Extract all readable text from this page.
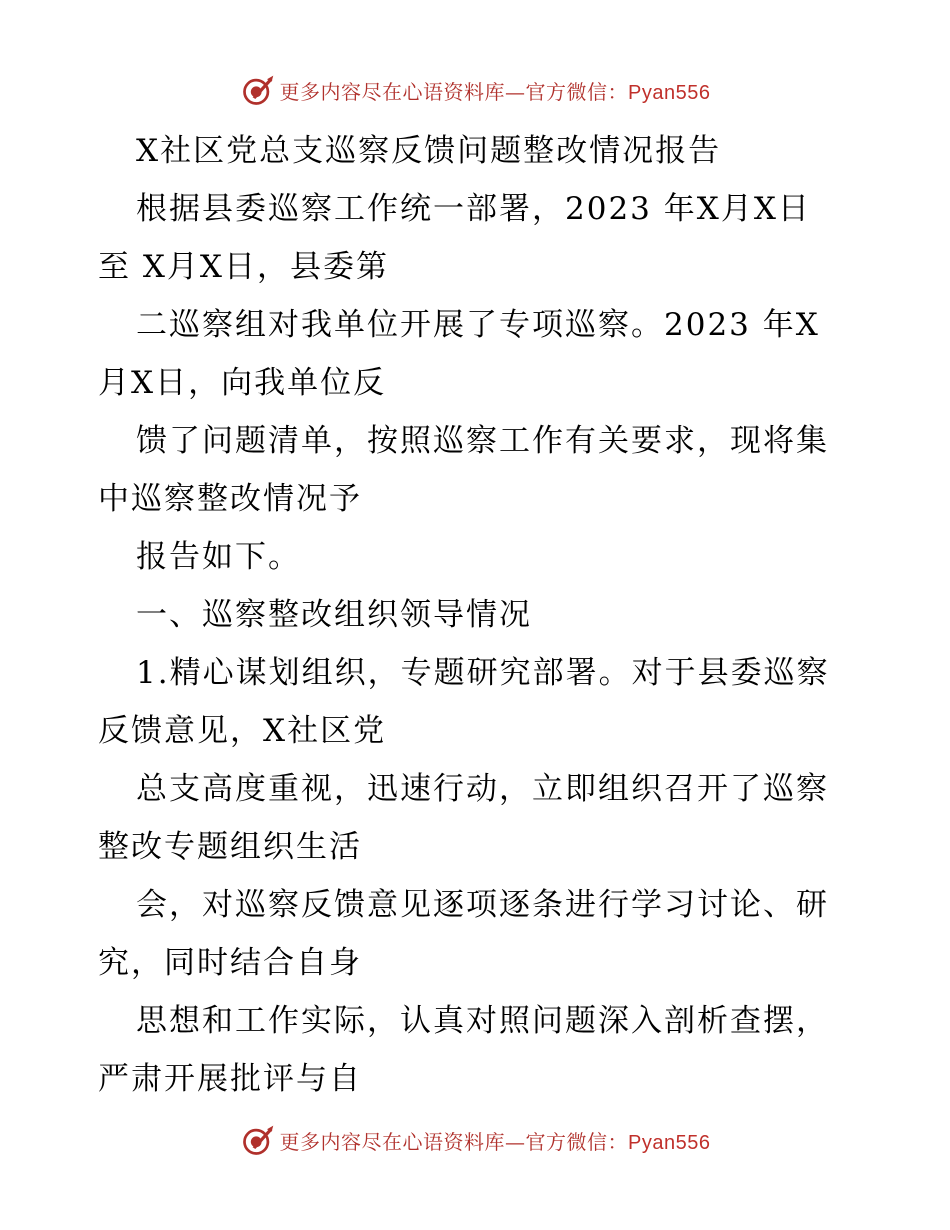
更多内容尽在心语资料库—官方微信：Pyan556
X社区党总支巡察反馈问题整改情况报告
根据县委巡察工作统一部署，2023 年X月X日
至 X月X日，县委第
二巡察组对我单位开展了专项巡察。2023 年X
月X日，向我单位反
馈了问题清单，按照巡察工作有关要求，现将集
中巡察整改情况予
报告如下。
一、巡察整改组织领导情况
1.精心谋划组织，专题研究部署。对于县委巡察
反馈意见，X社区党
总支高度重视，迅速行动，立即组织召开了巡察
整改专题组织生活
会，对巡察反馈意见逐项逐条进行学习讨论、研
究，同时结合自身
思想和工作实际，认真对照问题深入剖析查摆，
严肃开展批评与自
更多内容尽在心语资料库—官方微信：Pyan556
